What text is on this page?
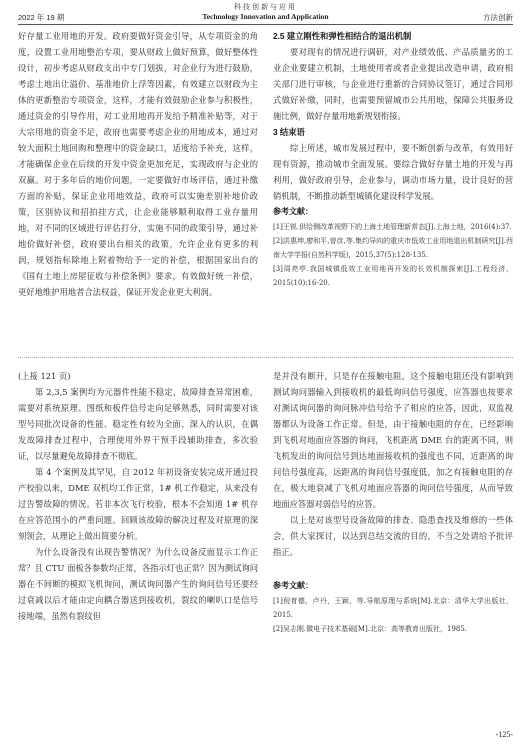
科技创新与应用
2022 年 19 期	Technology Innovation and Application	方法创新

好存量工业用地的开发。政府要做好资金引导，从专项资金的角度，设置工业用地整治专项，要从财政上做好预算，做好整体性设计，初步考虑从财政支出中专门划拔，对企业行为进行鼓励，考虑土地出让溢价、基准地价上浮等因素，有效建立以财政为主体的更新整治专项资金，这样，才能有效鼓励企业参与积极性，通过资金的引导作用，对工业用地再开发给予精准补贴等，对于大宗用地的资金不足，政府也需要考虑企业的用地成本，通过对较大面积土地回购和整理中的资金缺口，适度给予补充，这样，才能确保企业在后续的开发中资金更加充足，实现政府与企业的双赢。对于多年后的地价问题，一定要做好市场评估，通过补缴方面的补贴，保证企业用地效益，政府可以实施差别补地价政策，区别协议和招拍挂方式，让企业能够顺利取得工业存量用地，对不同的区域进行评估打分，实施不同的政策引导，通过补地价做好补偿，政府要出台相关的政策，允许企业有更多的利润，规划指标除地上附着物给予一定的补偿，根据国家出台的《国有土地上房屋征收与补偿条例》要求，有效做好统一补偿，更好地维护用地者合法权益，保证开发企业更大利润。

2.5 建立刚性和弹性相结合的退出机制

要对现有的情况进行调研，对产业绩效低、产品质量劣的工业企业要建立机制，土地使用者或者企业提出改造申请，政府相关部门进行审核，与企业进行重新的合同协议签订，通过合同形式做好补缴，同时，也需要预留城市公共用地，保障公共服务设施比例，做好存量用地新规划衔接。

3 结束语

综上所述，城市发展过程中，要不断创新与改革，有效用好现有资源，推动城市全面发展。要综合做好存量土地的开发与再利用，做好政府引导，企业参与，调动市场力量，设计良好的营销机制，不断推动新型城镇化建设科学发展。

参考文献：

[1]王锐.供给侧改革视野下的上海土地管理新常态[J].上海土地，2016(4):37.

[2]洪惠坤,廖和平,曾彦,等.集约导向的重庆市低效工业用地退出机制研究[J].西南大学学报(自然科学版)，2015,37(5):128-135.

[3]周亮亭.我国城镇低效工业用地再开发的长效机制探索[J].工程经济，2015(10):16-20.

(上接 121 页)

第 2,3,5 案例均为元器件性能不稳定，故障排查异常困难，需要对系统原理、图纸和板件信号走向足够熟悉，同时需要对该型号同批次设备的性能、稳定性有较为全面、深入的认识，在偶发故障排查过程中，合理使用外界干预手段辅助排查，多次验证，以尽量避免故障排查不彻底。

第 4 个案例及其罕见，自 2012 年初设备安装完成开通过投产校验以来，DME 双机均工作正常，1# 机工作稳定，从来没有过告警故障的情况。若非本次飞行校验，根本不会知道 1# 机存在应答范围小的严重问题。回顾该故障的解决过程及对原理的深刻领会，从理论上做出简要分析。

为什么设备没有出现告警情况？为什么设备反面显示工作正常？且 CTU 面板各参数均正常，各指示灯也正常？因为测试询问器在不间断的模拟飞机询问，测试询问器产生的询问信号还要经过衰减以后才能由定向耦合器送到接收机，裂纹的喇叭口是信号接地端，虽然有裂纹但

是并没有断开，只是存在接触电阻，这个接触电阻还没有影响到测试询问器输入到接收机的最低询问信号强度，应答器也按要求对测试询问器的询问脉冲信号给予了相应的应答，因此，双监视器都认为设备工作正常。但是，由于接触电阻的存在，已经影响到飞机对地面应答器的询问，飞机距离 DME 台的距离不同，则飞机发出的询问信号到达地面接收机的强度也不同，近距离的询问信号强度高，远距离的询问信号强度低，加之有接触电阻的存在，极大地衰减了飞机对地面应答器的询问信号强度，从而导致地面应答器对弱信号的应答。

以上是对该型号设备故障的排查、隐患查找及维修的一些体会，供大家探讨，以达到总结交流的目的，不当之处请给予批评指正。

参考文献：

[1]倪育德，卢丹，王颖，等.导航原理与系统[M].北京：清华大学出版社，2015.

[2]吴志刚.微电子技术基础[M].北京：高等教育出版社，1985.

-125-
